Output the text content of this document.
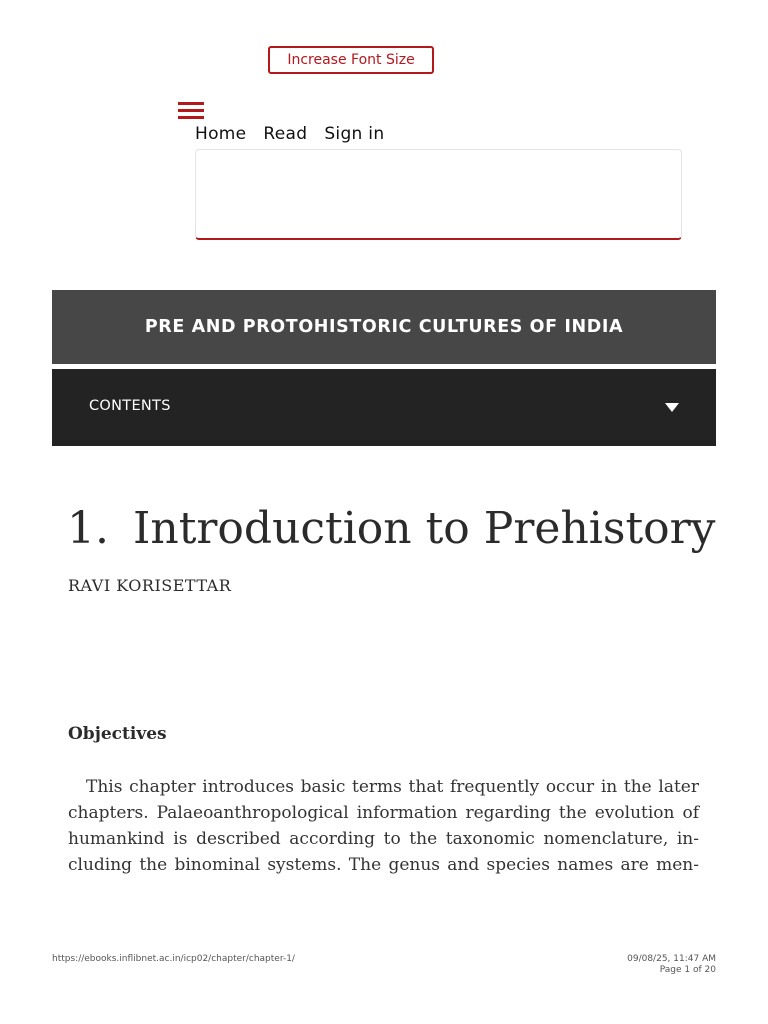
Increase Font Size
Home Read Sign in
PRE AND PROTOHISTORIC CULTURES OF INDIA
CONTENTS
1. Introduction to Prehistory
RAVI KORISETTAR
Objectives
This chapter introduces basic terms that frequently occur in the later
chapters. Palaeoanthropological information regarding the evolution of
humankind is described according to the taxonomic nomenclature, in-
cluding the binominal systems. The genus and species names are men-
https://ebooks.inflibnet.ac.in/icp02/chapter/chapter-1/	09/08/25, 11:47 AM
Page 1 of 20
